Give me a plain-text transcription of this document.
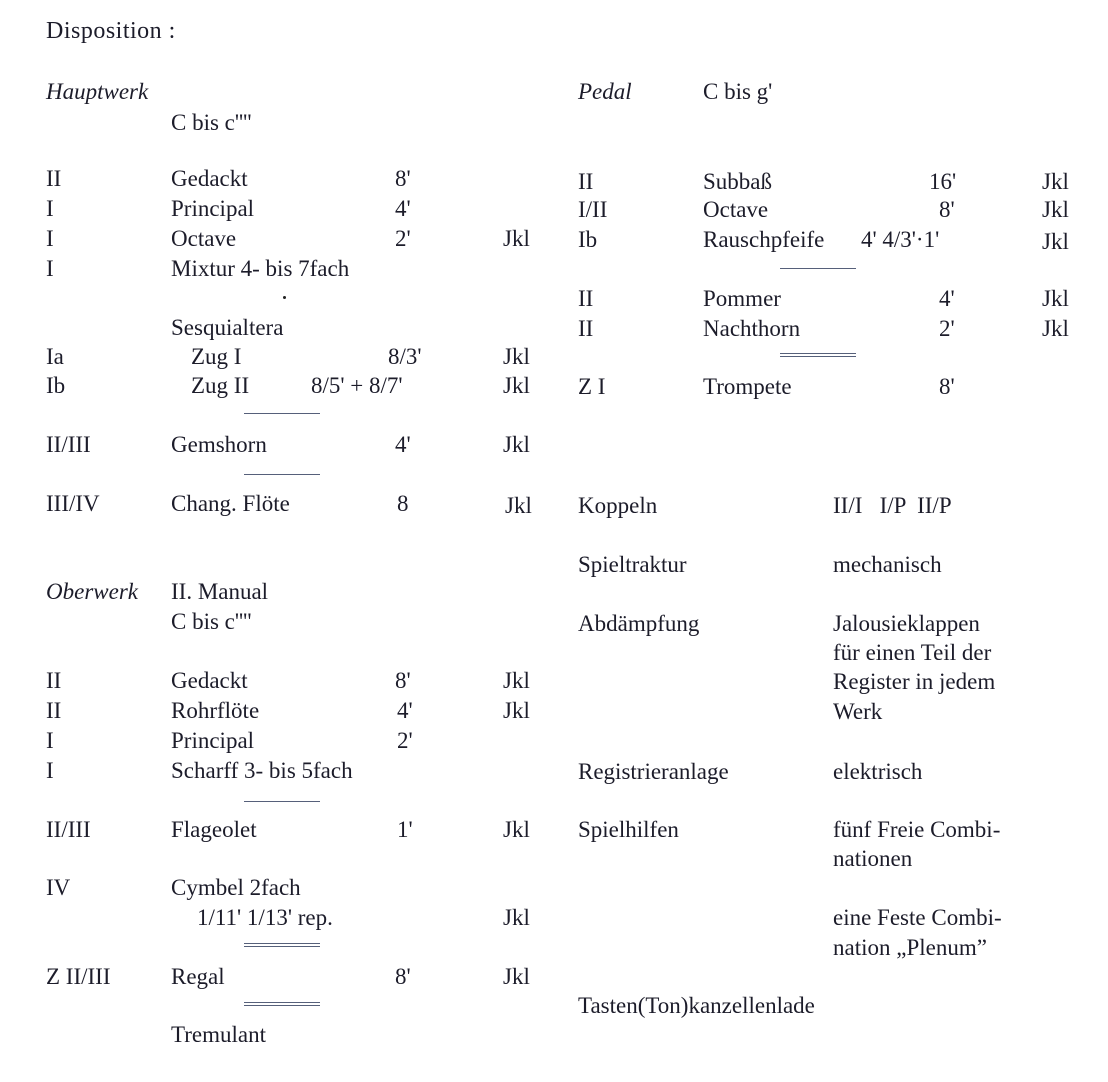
Disposition :
Hauptwerk
C bis c''''
II	Gedackt	8'
I	Principal	4'
I	Octave	2'	Jkl
I	Mixtur 4- bis 7fach
Sesquialtera
Ia	Zug I	8/3'	Jkl
Ib	Zug II	8/5' + 8/7'	Jkl
II/III	Gemshorn	4'	Jkl
III/IV	Chang. Flöte	8	Jkl
Oberwerk II. Manual
C bis c''''
II	Gedackt	8'	Jkl
II	Rohrflöte	4'	Jkl
I	Principal	2'
I	Scharff 3- bis 5fach
II/III	Flageolet	1'	Jkl
IV	Cymbel 2fach
1/11' 1/13' rep.	Jkl
Z II/III	Regal	8'	Jkl
Tremulant
Pedal	C bis g'
II	Subbaß	16'	Jkl
I/II	Octave	8'	Jkl
Ib	Rauschpfeife 4' 4/3'·1'	Jkl
II	Pommer	4'	Jkl
II	Nachthorn	2'	Jkl
Z I	Trompete	8'
Koppeln	II/I   I/P  II/P
Spieltraktur	mechanisch
Abdämpfung	Jalousieklappen
für einen Teil der
Register in jedem
Werk
Registrieranlage	elektrisch
Spielhilfen	fünf Freie Combi-
nationen
eine Feste Combi-
nation „Plenum”
Tasten(Ton)kanzellenlade
